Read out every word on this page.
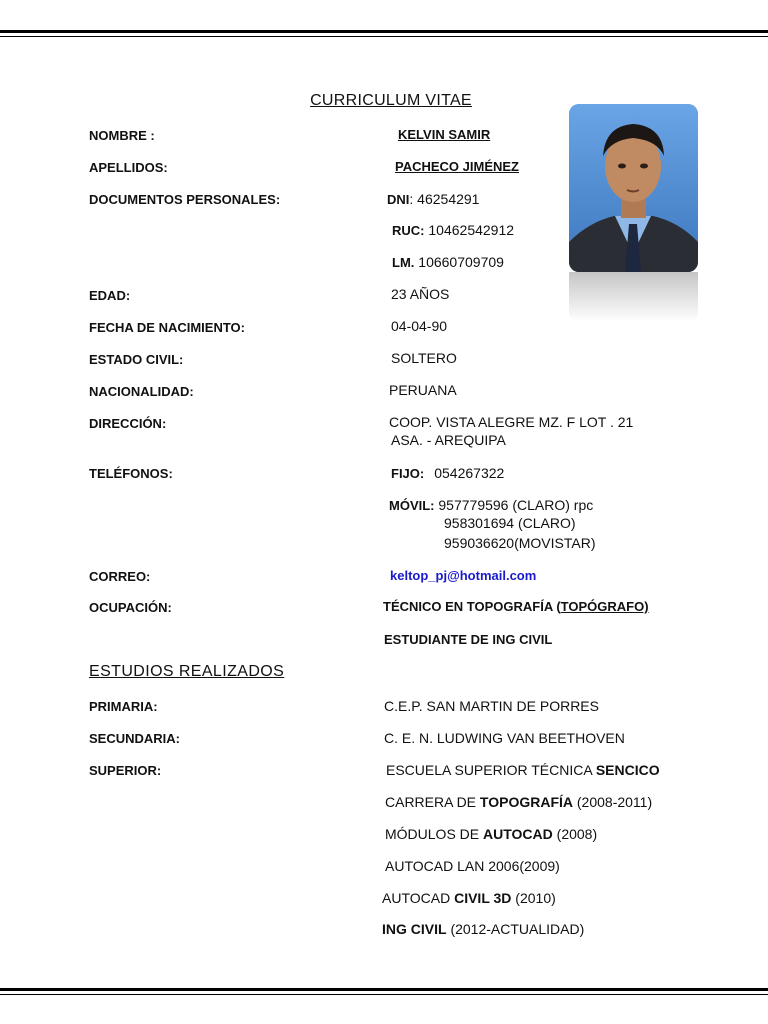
CURRICULUM VITAE
NOMBRE :	KELVIN SAMIR
APELLIDOS:	PACHECO JIMÉNEZ
DOCUMENTOS PERSONALES:	DNI: 46254291
RUC: 10462542912
LM. 10660709709
EDAD:	23 AÑOS
FECHA DE NACIMIENTO:	04-04-90
ESTADO CIVIL:	SOLTERO
NACIONALIDAD:	PERUANA
DIRECCIÓN:	COOP. VISTA ALEGRE MZ. F LOT . 21
ASA. - AREQUIPA
TELÉFONOS:	FIJO: 054267322
MÓVIL: 957779596 (CLARO) rpc
958301694 (CLARO)
959036620(MOVISTAR)
CORREO:	keltop_pj@hotmail.com
OCUPACIÓN:	TÉCNICO EN TOPOGRAFÍA (TOPÓGRAFO)
ESTUDIANTE DE ING CIVIL
ESTUDIOS REALIZADOS
PRIMARIA:	C.E.P. SAN MARTIN DE PORRES
SECUNDARIA:	C. E. N. LUDWING VAN BEETHOVEN
SUPERIOR:	ESCUELA SUPERIOR TÉCNICA SENCICO
CARRERA DE TOPOGRAFÍA (2008-2011)
MÓDULOS DE AUTOCAD (2008)
AUTOCAD LAN 2006(2009)
AUTOCAD CIVIL 3D (2010)
ING CIVIL (2012-ACTUALIDAD)
